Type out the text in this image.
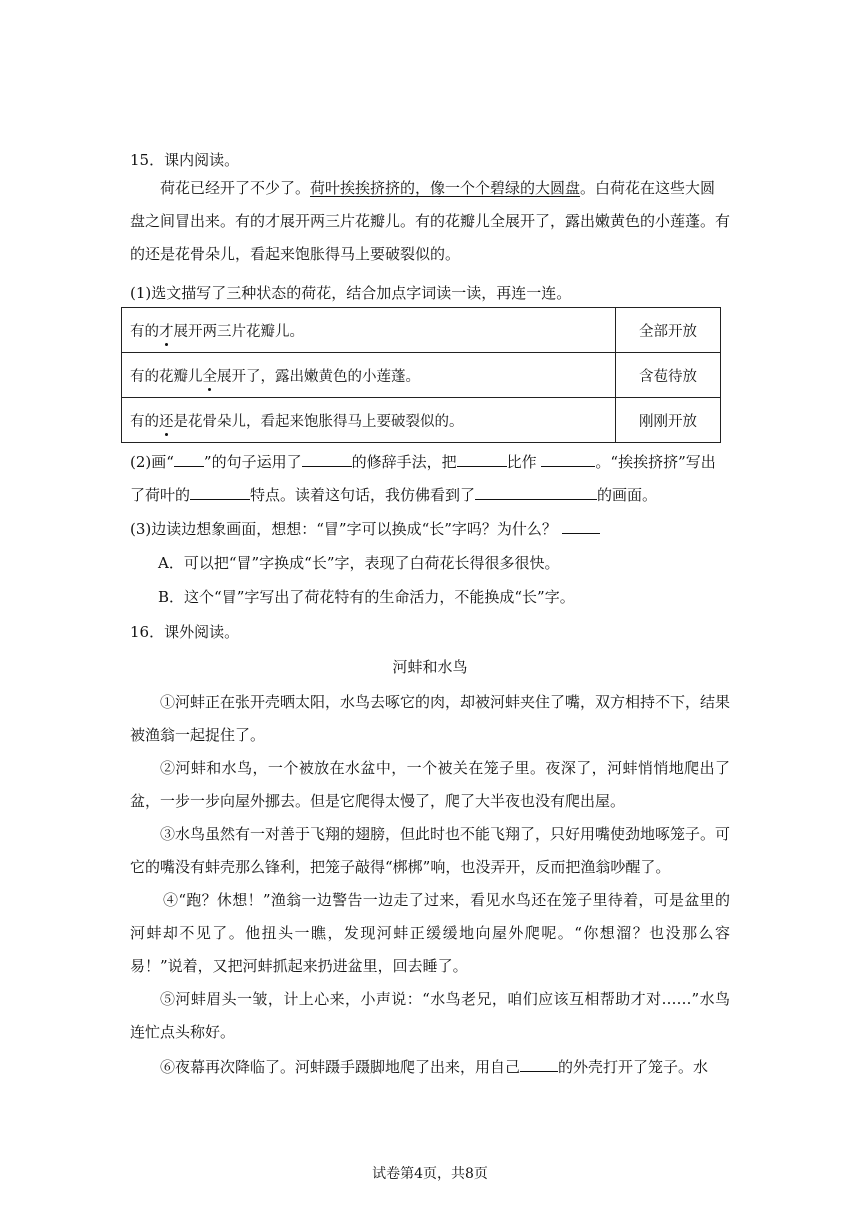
15．课内阅读。
荷花已经开了不少了。荷叶挨挨挤挤的，像一个个碧绿的大圆盘。白荷花在这些大圆
盘之间冒出来。有的才展开两三片花瓣儿。有的花瓣儿全展开了，露出嫩黄色的小莲蓬。有
的还是花骨朵儿，看起来饱胀得马上要破裂似的。
(1)选文描写了三种状态的荷花，结合加点字词读一读，再连一连。
有的才展开两三片花瓣儿。	全部开放
有的花瓣儿全展开了，露出嫩黄色的小莲蓬。	含苞待放
有的还是花骨朵儿，看起来饱胀得马上要破裂似的。	刚刚开放
(2)画“ ”的句子运用了	的修辞手法，把	比作	。“挨挨挤挤”写出
了荷叶的	特点。读着这句话，我仿佛看到了	的画面。
(3)边读边想象画面，想想：“冒”字可以换成“长”字吗？为什么？
A．可以把“冒”字换成“长”字，表现了白荷花长得很多很快。
B．这个“冒”字写出了荷花特有的生命活力，不能换成“长”字。
16．课外阅读。
河蚌和水鸟
①河蚌正在张开壳晒太阳，水鸟去啄它的肉，却被河蚌夹住了嘴，双方相持不下，结果被渔翁一起捉住了。
②河蚌和水鸟，一个被放在水盆中，一个被关在笼子里。夜深了，河蚌悄悄地爬出了盆，一步一步向屋外挪去。但是它爬得太慢了，爬了大半夜也没有爬出屋。
③水鸟虽然有一对善于飞翔的翅膀，但此时也不能飞翔了，只好用嘴使劲地啄笼子。可它的嘴没有蚌壳那么锋利，把笼子敲得“梆梆”响，也没弄开，反而把渔翁吵醒了。
④“跑？休想！”渔翁一边警告一边走了过来，看见水鸟还在笼子里待着，可是盆里的河蚌却不见了。他扭头一瞧，发现河蚌正缓缓地向屋外爬呢。“你想溜？也没那么容易！”说着，又把河蚌抓起来扔进盆里，回去睡了。
⑤河蚌眉头一皱，计上心来，小声说：“水鸟老兄，咱们应该互相帮助才对……”水鸟连忙点头称好。
⑥夜幕再次降临了。河蚌蹑手蹑脚地爬了出来，用自己	的外壳打开了笼子。水
试卷第4页，共8页
